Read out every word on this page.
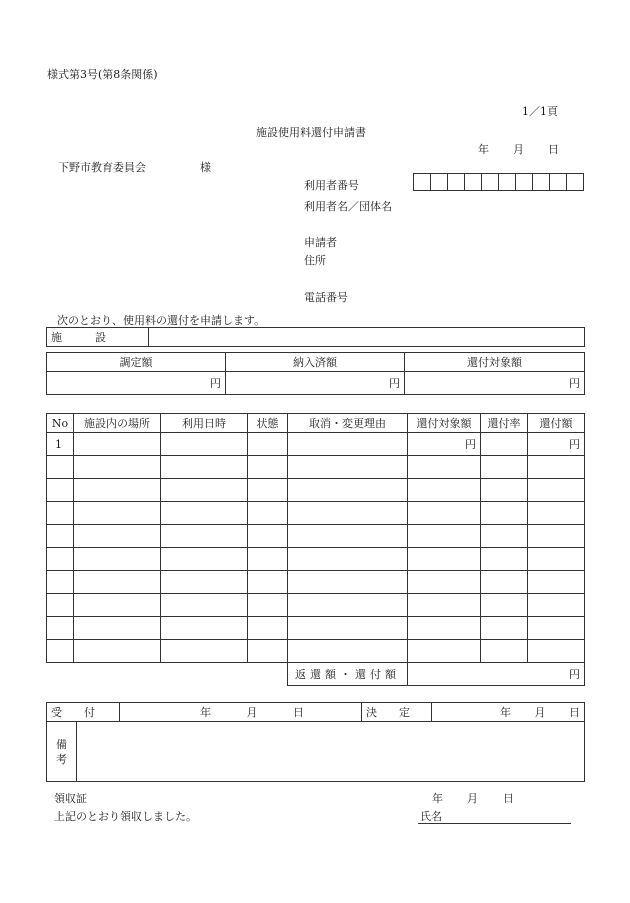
様式第3号(第8条関係)
1／1頁
施設使用料還付申請書
年 月 日
下野市教育委員会	様
利用者番号
利用者名／団体名
申請者
住所
電話番号
次のとおり、使用料の還付を申請します。
施　　　設	
調定額	納入済額	還付対象額
円	円	円
No	施設内の場所	利用日時	状態	取消・変更理由	還付対象額	還付率	還付額
1					円		円

				返還額・還付額	円		
受　　付		年 月 日	決　　定	年 月 日
備考				
領収証
上記のとおり領収しました。
年 月 日
氏名
